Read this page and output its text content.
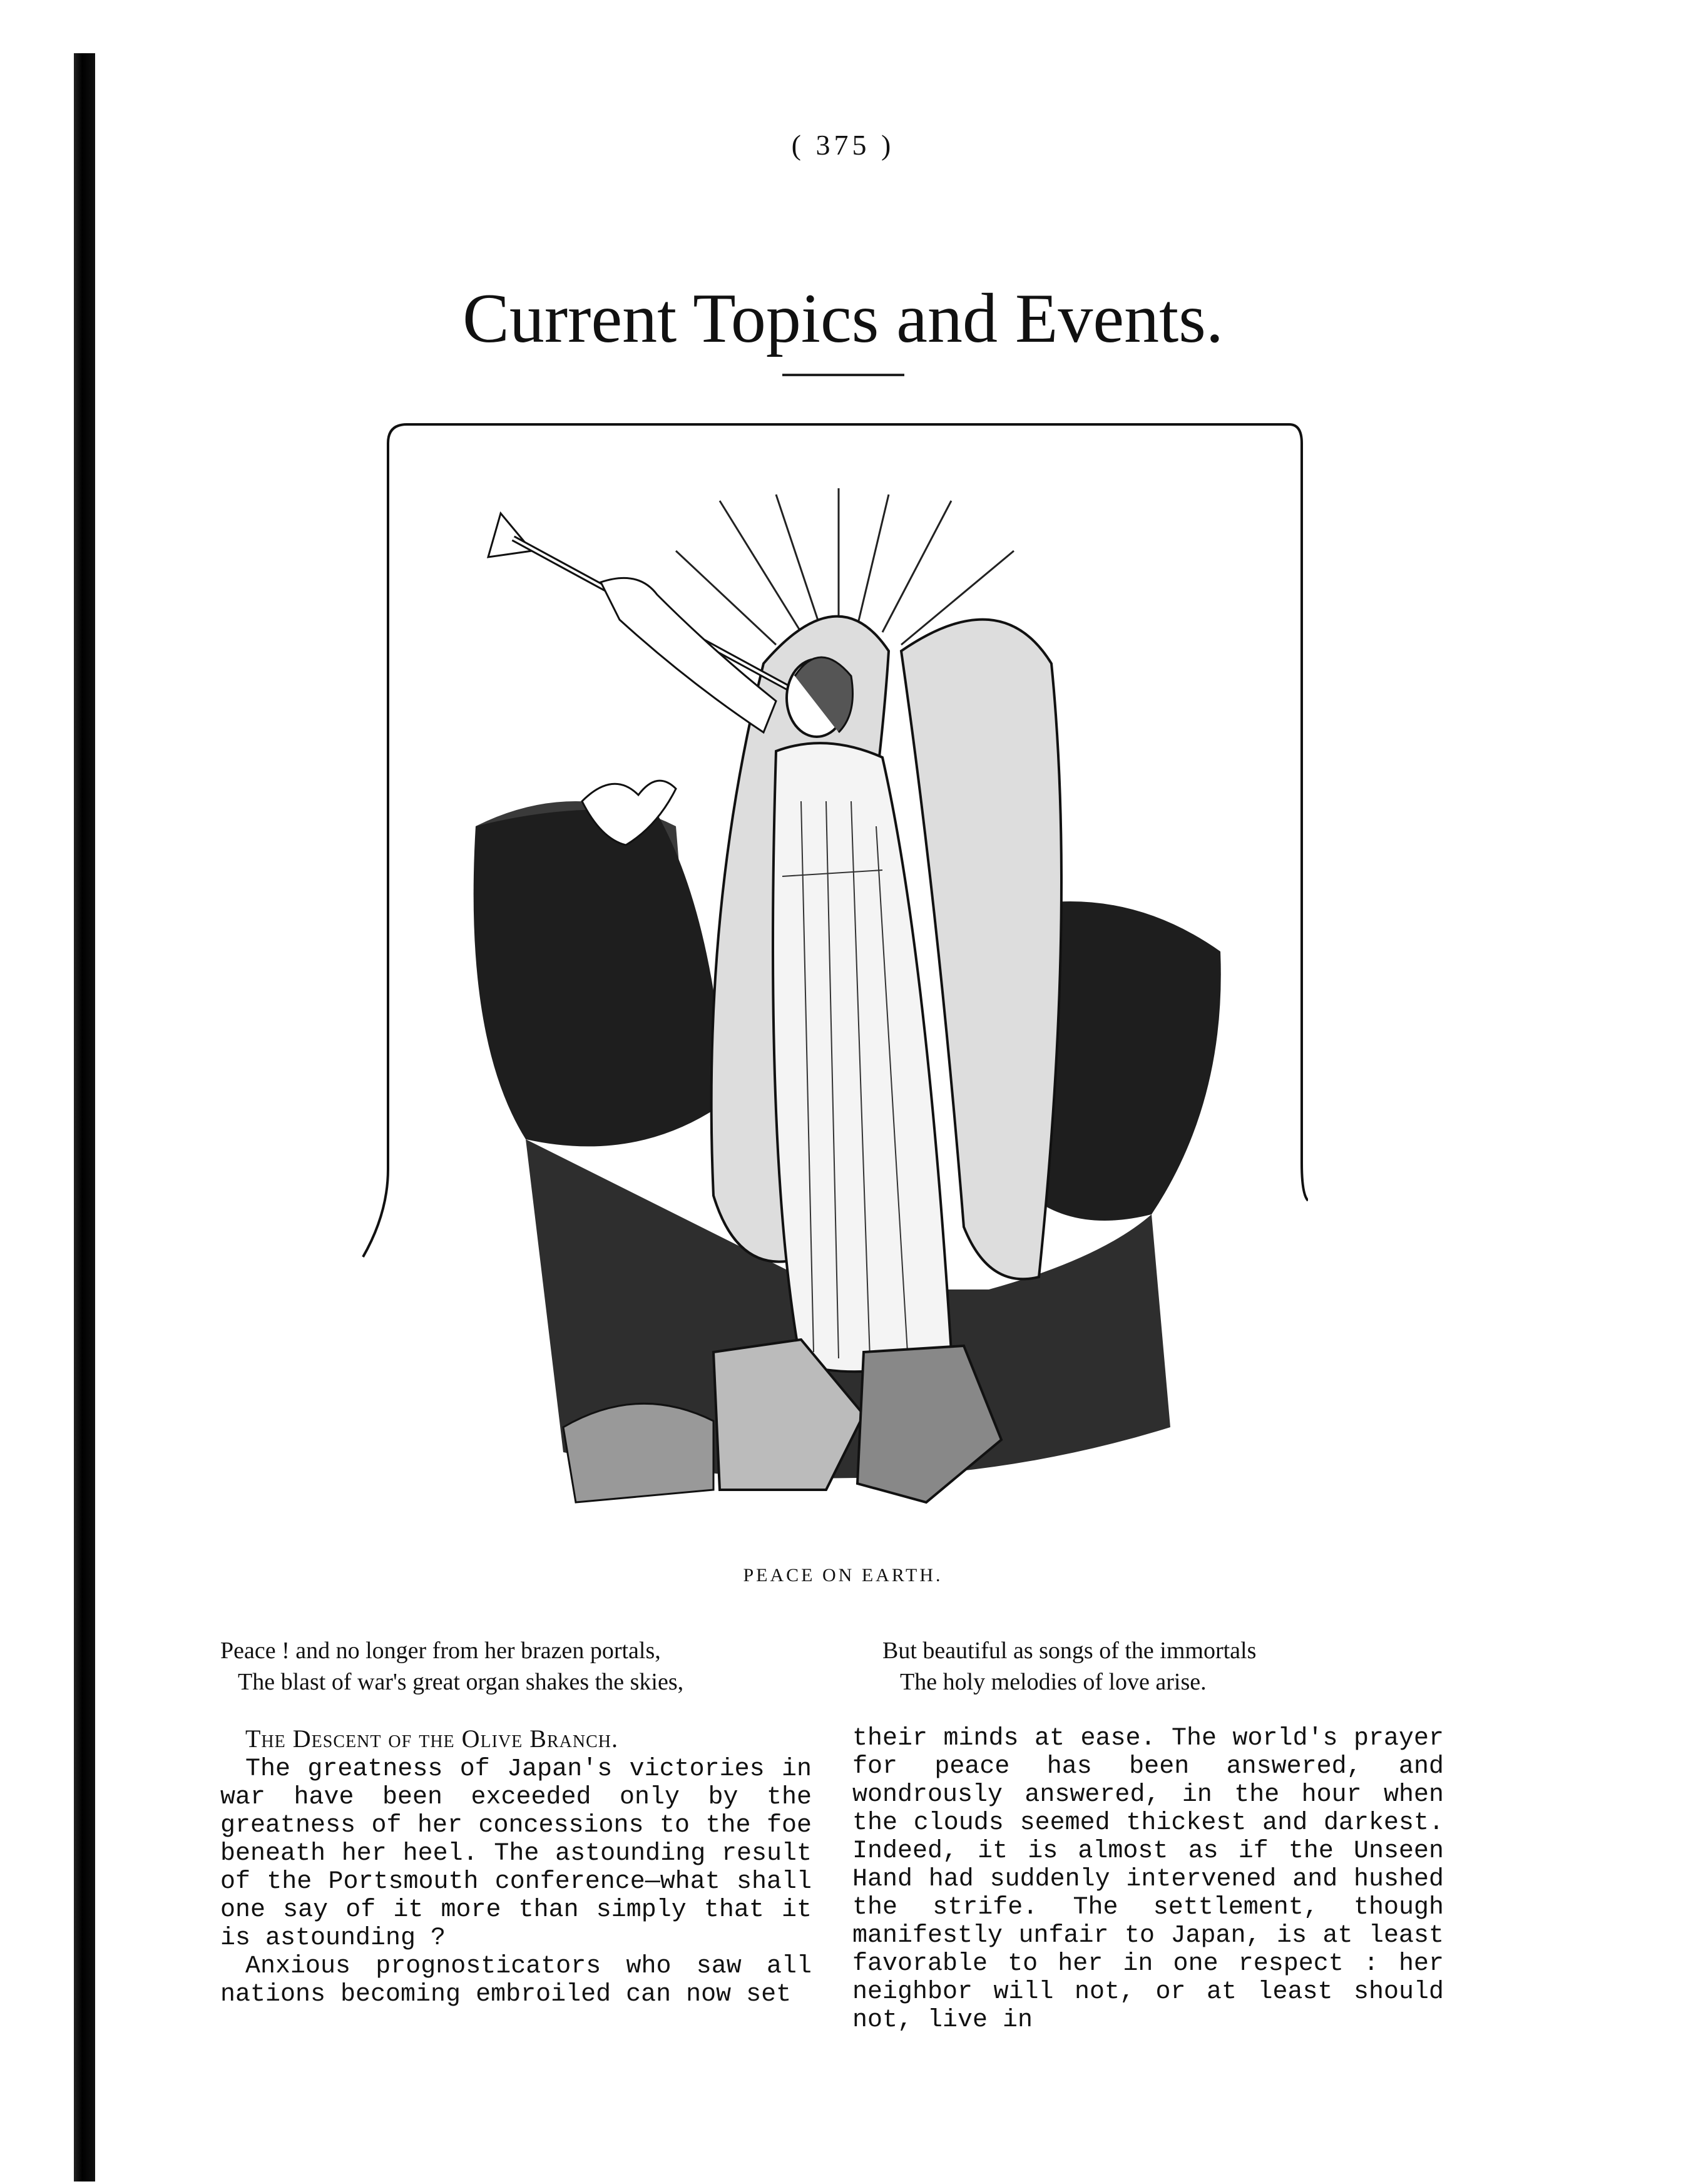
( 375 )
Current Topics and Events.
PEACE ON EARTH.
Peace ! and no longer from her brazen portals,
The blast of war's great organ shakes the skies,
But beautiful as songs of the immortals
The holy melodies of love arise.
The Descent of the Olive Branch.

The greatness of Japan's victories in war have been exceeded only by the greatness of her concessions to the foe beneath her heel. The astounding result of the Portsmouth conference—what shall one say of it more than simply that it is astounding ?

Anxious prognosticators who saw all nations becoming embroiled can now set

their minds at ease. The world's prayer for peace has been answered, and wondrously answered, in the hour when the clouds seemed thickest and darkest. Indeed, it is almost as if the Unseen Hand had suddenly intervened and hushed the strife. The settlement, though manifestly unfair to Japan, is at least favorable to her in one respect : her neighbor will not, or at least should not, live in
